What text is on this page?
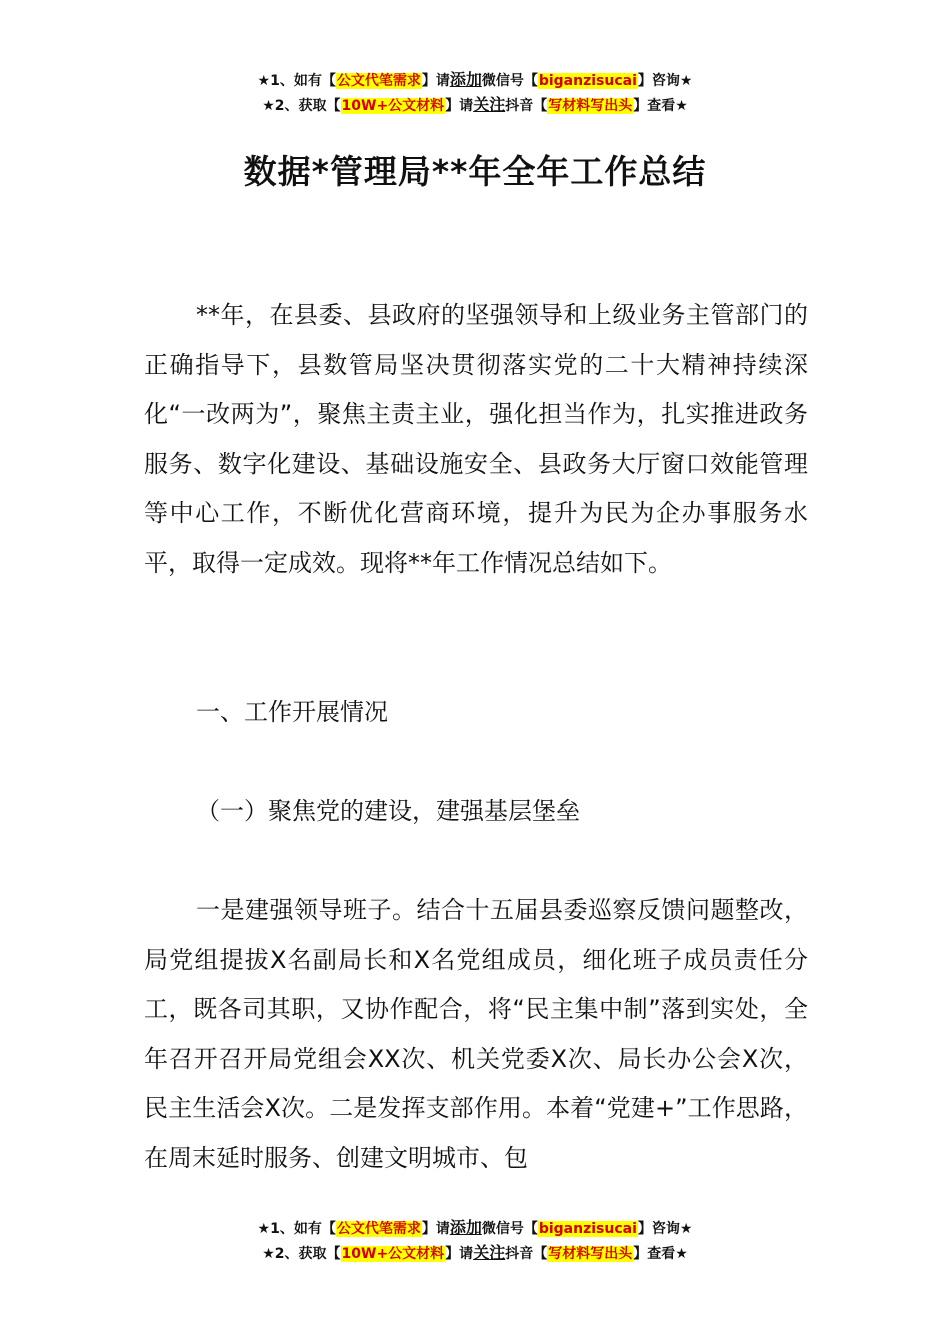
★1、如有【公文代笔需求】请添加微信号【biganzisucai】咨询★
★2、获取【10W+公文材料】请关注抖音【写材料写出头】查看★
数据*管理局**年全年工作总结

**年，在县委、县政府的坚强领导和上级业务主管部门的正确指导下，县数管局坚决贯彻落实党的二十大精神持续深化“一改两为”，聚焦主责主业，强化担当作为，扎实推进政务服务、数字化建设、基础设施安全、县政务大厅窗口效能管理等中心工作，不断优化营商环境，提升为民为企办事服务水平，取得一定成效。现将**年工作情况总结如下。

一、工作开展情况

（一）聚焦党的建设，建强基层堡垒

一是建强领导班子。结合十五届县委巡察反馈问题整改，局党组提拔X名副局长和X名党组成员，细化班子成员责任分工，既各司其职，又协作配合，将“民主集中制”落到实处，全年召开召开局党组会XX次、机关党委X次、局长办公会X次，民主生活会X次。二是发挥支部作用。本着“党建+”工作思路，在周末延时服务、创建文明城市、包

★1、如有【公文代笔需求】请添加微信号【biganzisucai】咨询★
★2、获取【10W+公文材料】请关注抖音【写材料写出头】查看★
